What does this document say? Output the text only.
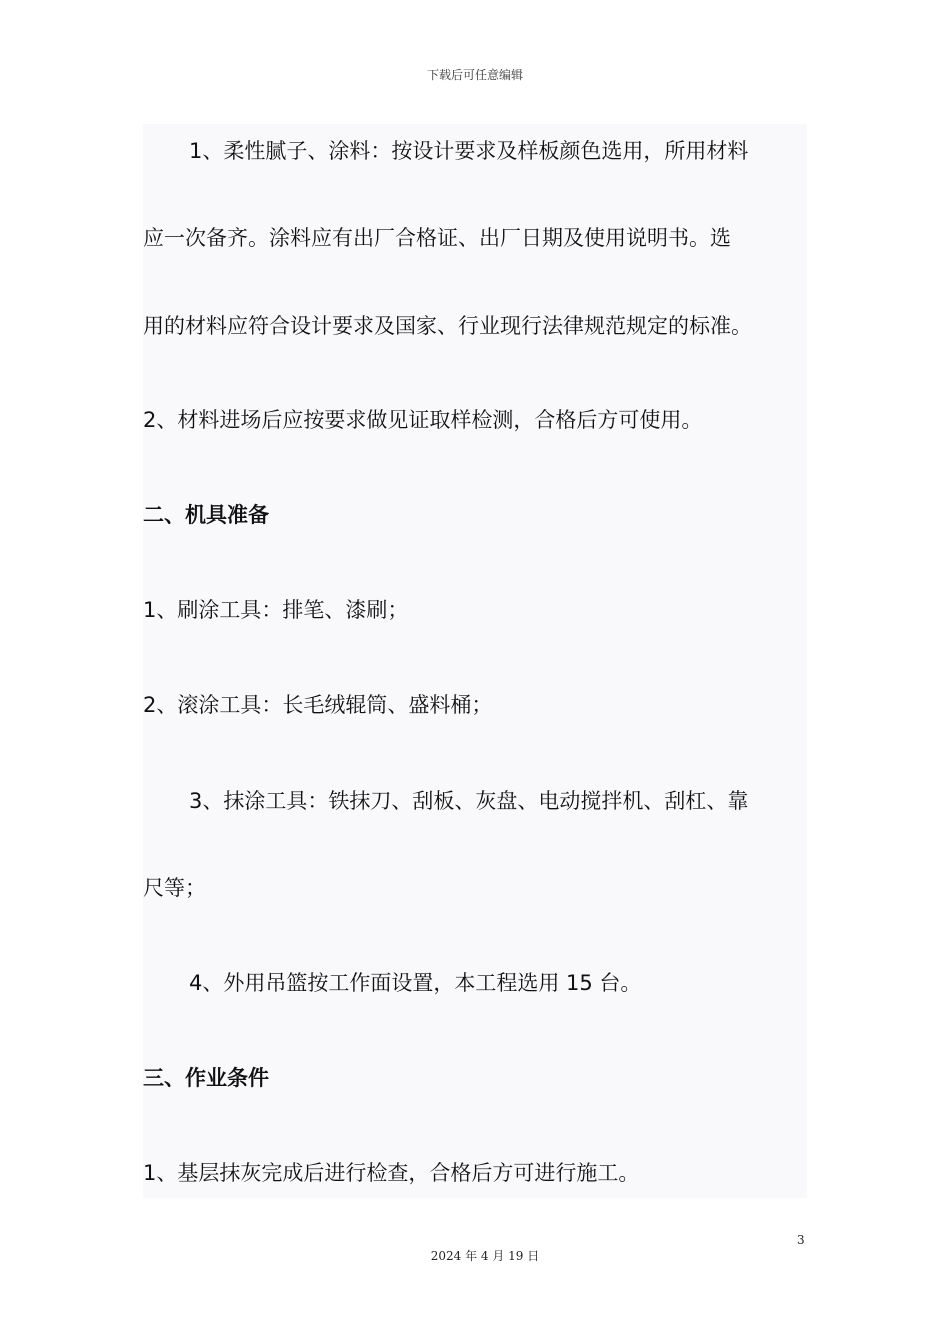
下载后可任意编辑
1、柔性腻子、涂料：按设计要求及样板颜色选用，所用材料
应一次备齐。涂料应有出厂合格证、出厂日期及使用说明书。选
用的材料应符合设计要求及国家、行业现行法律规范规定的标准。
2、材料进场后应按要求做见证取样检测，合格后方可使用。
二、机具准备
1、刷涂工具：排笔、漆刷；
2、滚涂工具：长毛绒辊筒、盛料桶；
3、抹涂工具：铁抹刀、刮板、灰盘、电动搅拌机、刮杠、靠
尺等；
4、外用吊篮按工作面设置，本工程选用 15 台。
三、作业条件
1、基层抹灰完成后进行检查，合格后方可进行施工。
3
2024 年 4 月 19 日
